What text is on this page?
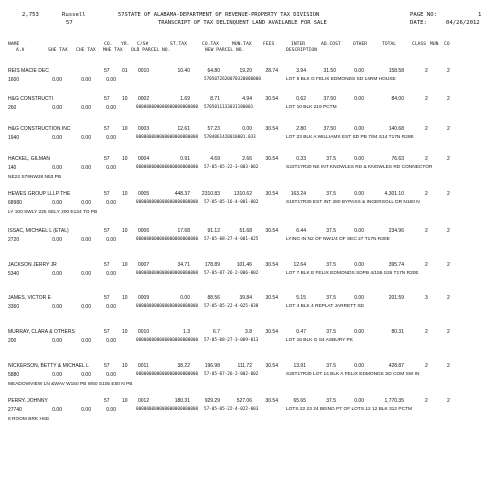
2,753	Russell
57
57STATE OF ALABAMA-DEPARTMENT OF REVENUE-PROPERTY TAX DIVISION
TRANSCRIPT OF TAX DELINQUENT LAND AVAILABLE FOR SALE
PAGE NO:	1
DATE:	04/26/2012
NAME	CO. YR. C/S#	ST.TAX	CO.TAX	MUN.TAX FEES	INTER	AD.COST	OTHER	TOTAL	CLASS MUN CO
A.V	SHE TAX CHE TAX MHE TAX OLD PARCEL NO.	NEW PARCEL NO.	DESCRIPTION
REIS MACIE DEC	57 01 0010	10.40	64.80	19.20	28.74	3.94	31.50	0.00	158.58	2	2
1600	0.00	0.00	0.00	5705072620070320000000	LOT 5 BLK G FELIX EDMONDS SD 14RM HOUSE
H&G CONSTRUCTI	57 10 0002	1.69	8.71	4.94	30.54	0.62	37.50	0.00	84.00	2	2
260	0.00	0.00	0.00	000000000000000000000000 5705011133031180001	LOT 10 BLK 219 PCTM
H&G CONSTRUCTION INC	57 10 0003	12.61	57.23	0.00	30.54	2.80	37.50	0.00	140.68	2	2
1940	0.00	0.00	0.00	000000000000000000000000 5704061420010001.033	LOT 23 BLK A WILLIAMS EST SD PB 7/84 S14 T17N R29E
HACKEL, GILMAN	57 10 0004	0.91	4.69	2.66	30.54	0.33	37.5	0.00	76.63	2	2
140	0.00	0.00	0.00	000000000000000000000000 57-05-05-22-3-003-002	S22T17R30 NE INT KNOWLES RD & KNOWLES RD CONNECTOR
NE22 S79NW28 N53 PB
HEWES GROUP LLLP THE	57 10 0005	448.37	2310.83	1310.62	30.54	163.24	37.5	0.00	4,301.10	2	2
68980	0.00	0.00	0.00	000000000000000000000000 57-05-05-16-4-001-002	S16T17R30 EST INT 280 BYPASS & INGERSOLL DR N150 N
LY 100 SWLY 225 SELY 200 E134 TO PB
ISSAC, MICHAEL L (ETAL)	57 10 0006	17.68	91.12	51.68	30.54	6.44	37.5	0.00	234.96	2	2
2720	0.00	0.00	0.00	000000000000000000000000 57-05-08-27-4-001-025	LYING IN N2 OF NW1/4 OF SEC 27 T17N R30E
JACKSON JERRY JR	57 10 0007	34.71	178.89	101.46	30.54	12.64	37.5	0.00	395.74	2	2
5340	0.00	0.00	0.00	000000000000000000000000 57-05-07-26-2-006-002	LOT 7 BLK E FELIX EDMONDS SDPB 4/155 S26 T17N R30E
JAMES, VICTOR E	57 10 0009	0.00	88.56	39.84	30.54	5.15	37.5	0.00	201.59	3	2
3360	0.00	0.00	0.00	000000000000000000000000 57-05-05-22-4-025-038	LOT 4 BLK 4 REPLAT JARRETT SD
MURRAY, CLARA & OTHERS	57 10 0010	1.3	6.7	3.8	30.54	0.47	37.5	0.00	80.31	2	2
200	0.00	0.00	0.00	000000000000000000000000 57-05-08-27-3-009-013	LOT 16 BLK G S4 ASBURY PK
NICKERSON, BETTY & MICHAEL L	57 10 0011	38.22	196.98	111.72	30.54	13.91	37.5	0.00	428.87	2	2
5880	0.00	0.00	0.00	000000000000000000000000 57-05-07-26-2-002-002	S26T17R30 LOT 14 BLK A FELIX EDMONDS SD COM SW IN
MEADOWVIEW LN &WAV W150 PB W50 S105 E50 N PB
PERRY, JOHNNY	57 10 0012	180.31	929.29	527.06	30.54	65.65	37.5	0.00	1,770.35	2	2
27740	0.00	0.00	0.00	000000000000000000000000 57-05-05-22-4-022-003	LOTS 22 23 24 BEING PT OF LOTS 12 12 BLK 312 PCTM
8 ROOM BRK HSE
